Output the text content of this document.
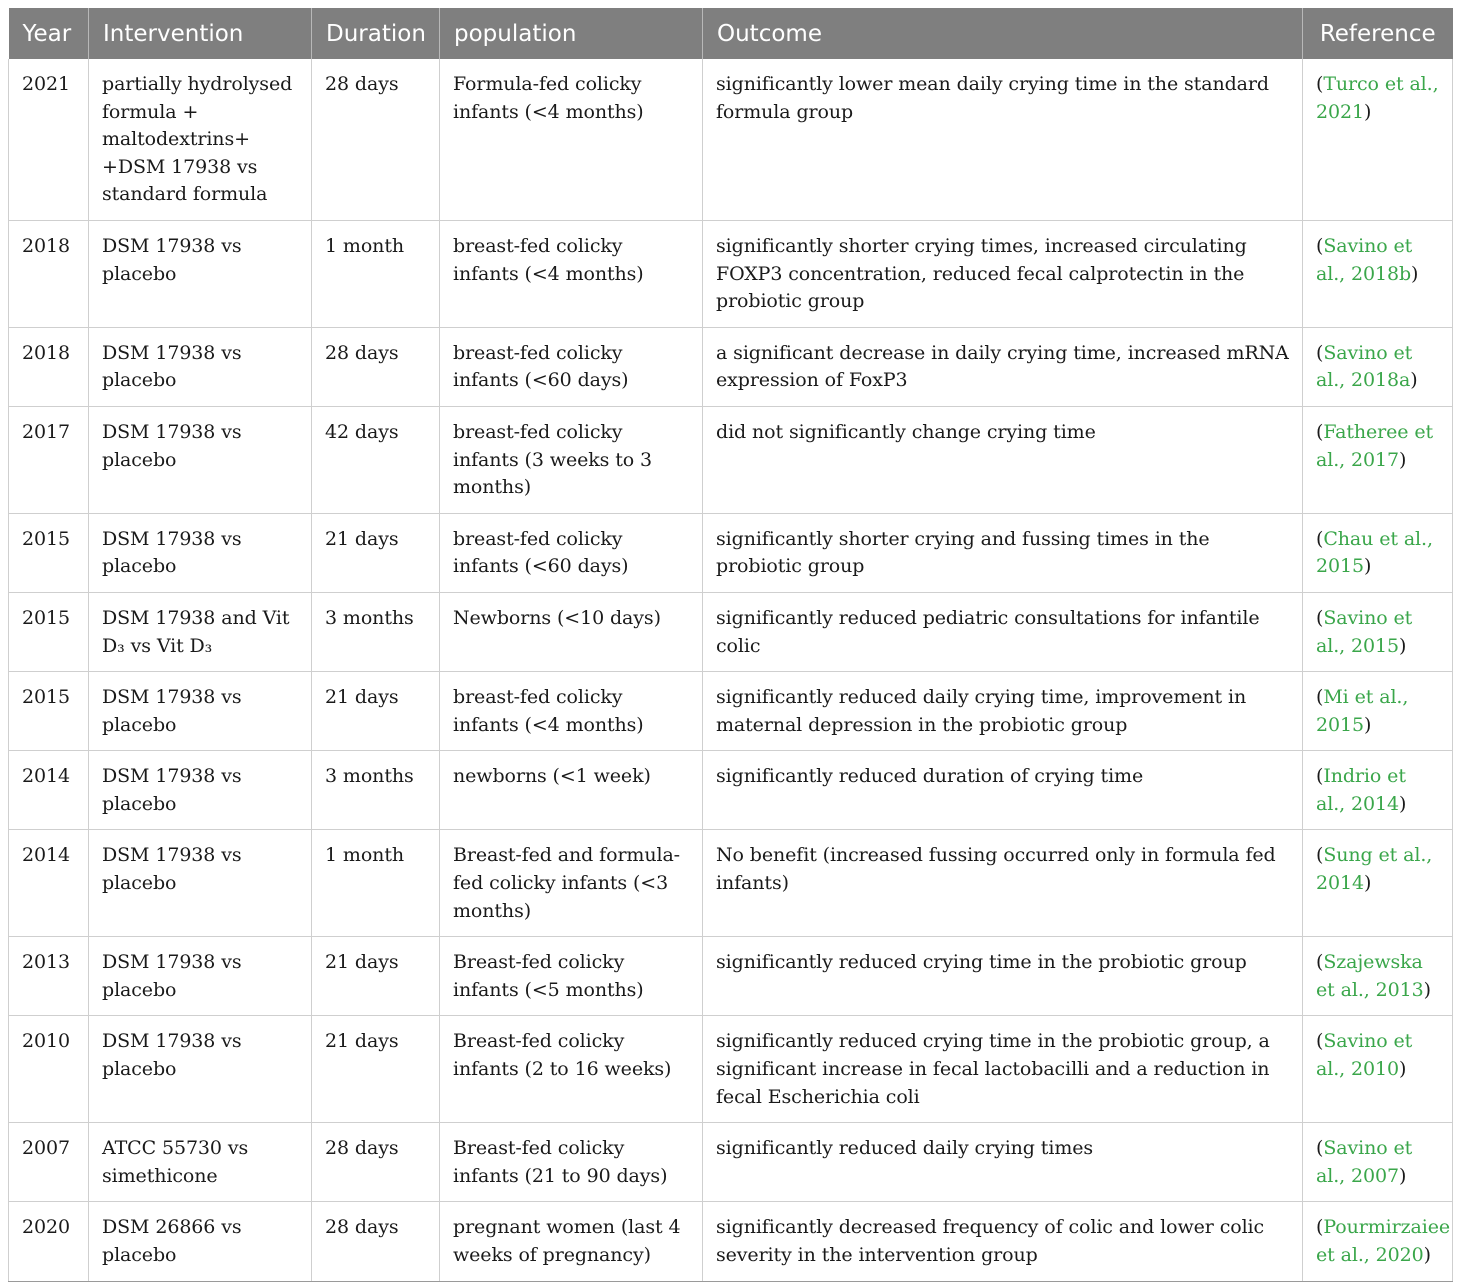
Year	Intervention	Duration	population	Outcome	Reference
2021	partially hydrolysed formula + maltodextrins+ +DSM 17938 vs standard formula	28 days	Formula-fed colicky infants (<4 months)	significantly lower mean daily crying time in the standard formula group	(Turco et al., 2021)
2018	DSM 17938 vs placebo	1 month	breast-fed colicky infants (<4 months)	significantly shorter crying times, increased circulating FOXP3 concentration, reduced fecal calprotectin in the probiotic group	(Savino et al., 2018b)
2018	DSM 17938 vs placebo	28 days	breast-fed colicky infants (<60 days)	a significant decrease in daily crying time, increased mRNA expression of FoxP3	(Savino et al., 2018a)
2017	DSM 17938 vs placebo	42 days	breast-fed colicky infants (3 weeks to 3 months)	did not significantly change crying time	(Fatheree et al., 2017)
2015	DSM 17938 vs placebo	21 days	breast-fed colicky infants (<60 days)	significantly shorter crying and fussing times in the probiotic group	(Chau et al., 2015)
2015	DSM 17938 and Vit D₃ vs Vit D₃	3 months	Newborns (<10 days)	significantly reduced pediatric consultations for infantile colic	(Savino et al., 2015)
2015	DSM 17938 vs placebo	21 days	breast-fed colicky infants (<4 months)	significantly reduced daily crying time, improvement in maternal depression in the probiotic group	(Mi et al., 2015)
2014	DSM 17938 vs placebo	3 months	newborns (<1 week)	significantly reduced duration of crying time	(Indrio et al., 2014)
2014	DSM 17938 vs placebo	1 month	Breast-fed and formula- fed colicky infants (<3 months)	No benefit (increased fussing occurred only in formula fed infants)	(Sung et al., 2014)
2013	DSM 17938 vs placebo	21 days	Breast-fed colicky infants (<5 months)	significantly reduced crying time in the probiotic group	(Szajewska et al., 2013)
2010	DSM 17938 vs placebo	21 days	Breast-fed colicky infants (2 to 16 weeks)	significantly reduced crying time in the probiotic group, a significant increase in fecal lactobacilli and a reduction in fecal Escherichia coli	(Savino et al., 2010)
2007	ATCC 55730 vs simethicone	28 days	Breast-fed colicky infants (21 to 90 days)	significantly reduced daily crying times	(Savino et al., 2007)
2020	DSM 26866 vs placebo	28 days	pregnant women (last 4 weeks of pregnancy)	significantly decreased frequency of colic and lower colic severity in the intervention group	(Pourmirzaiee et al., 2020)
